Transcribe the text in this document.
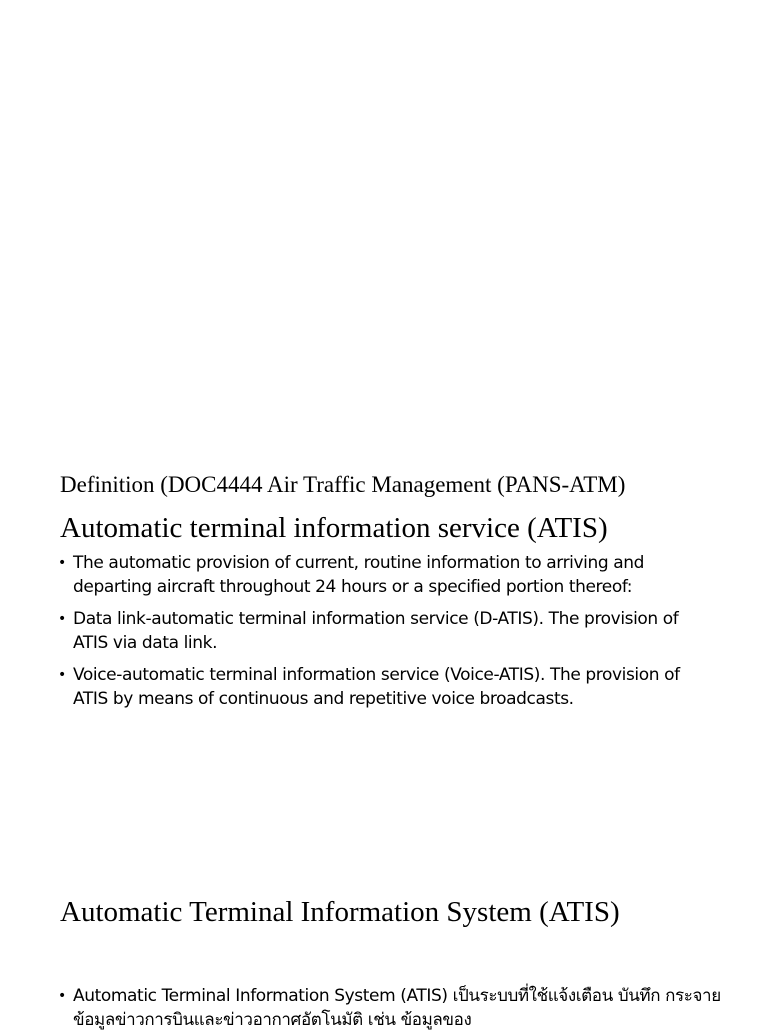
Definition (DOC4444 Air Traffic Management (PANS-ATM)
Automatic terminal information service (ATIS)
• The automatic provision of current, routine information to arriving and departing aircraft throughout 24 hours or a specified portion thereof:
• Data link-automatic terminal information service (D-ATIS). The provision of ATIS via data link.
• Voice-automatic terminal information service (Voice-ATIS). The provision of ATIS by means of continuous and repetitive voice broadcasts.
Automatic Terminal Information System (ATIS)
• Automatic Terminal Information System (ATIS) เป็นระบบที่ใช้แจ้งเตือน บันทึก กระจายข้อมูลข่าวการบินและข่าวอากาศอัตโนมัติ เช่น ข้อมูลของ
